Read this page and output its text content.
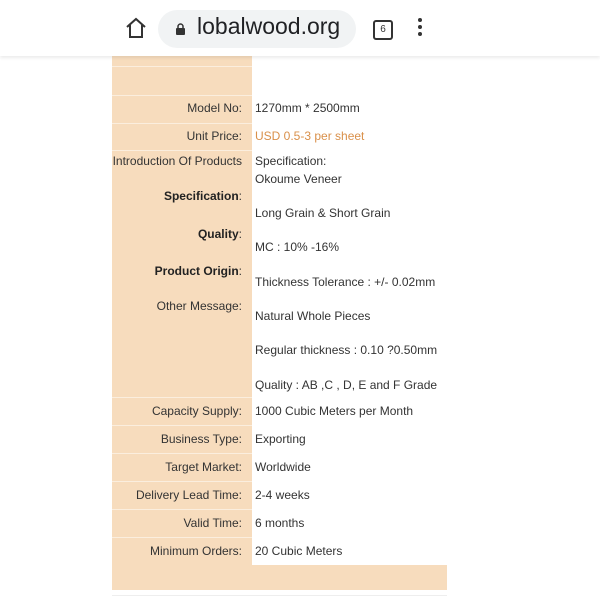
lobalwood.org	6
Model No: 1270mm * 2500mm
Unit Price: USD 0.5-3 per sheet
Introduction Of Products
Specification:
Quality:
Product Origin:
Other Message:
Specification:
Okoume Veneer
Long Grain & Short Grain
MC : 10% -16%
Thickness Tolerance : +/- 0.02mm
Natural Whole Pieces
Regular thickness : 0.10 ?0.50mm
Quality : AB ,C , D, E and F Grade
Capacity Supply: 1000 Cubic Meters per Month
Business Type: Exporting
Target Market: Worldwide
Delivery Lead Time: 2-4 weeks
Valid Time: 6 months
Minimum Orders: 20 Cubic Meters
